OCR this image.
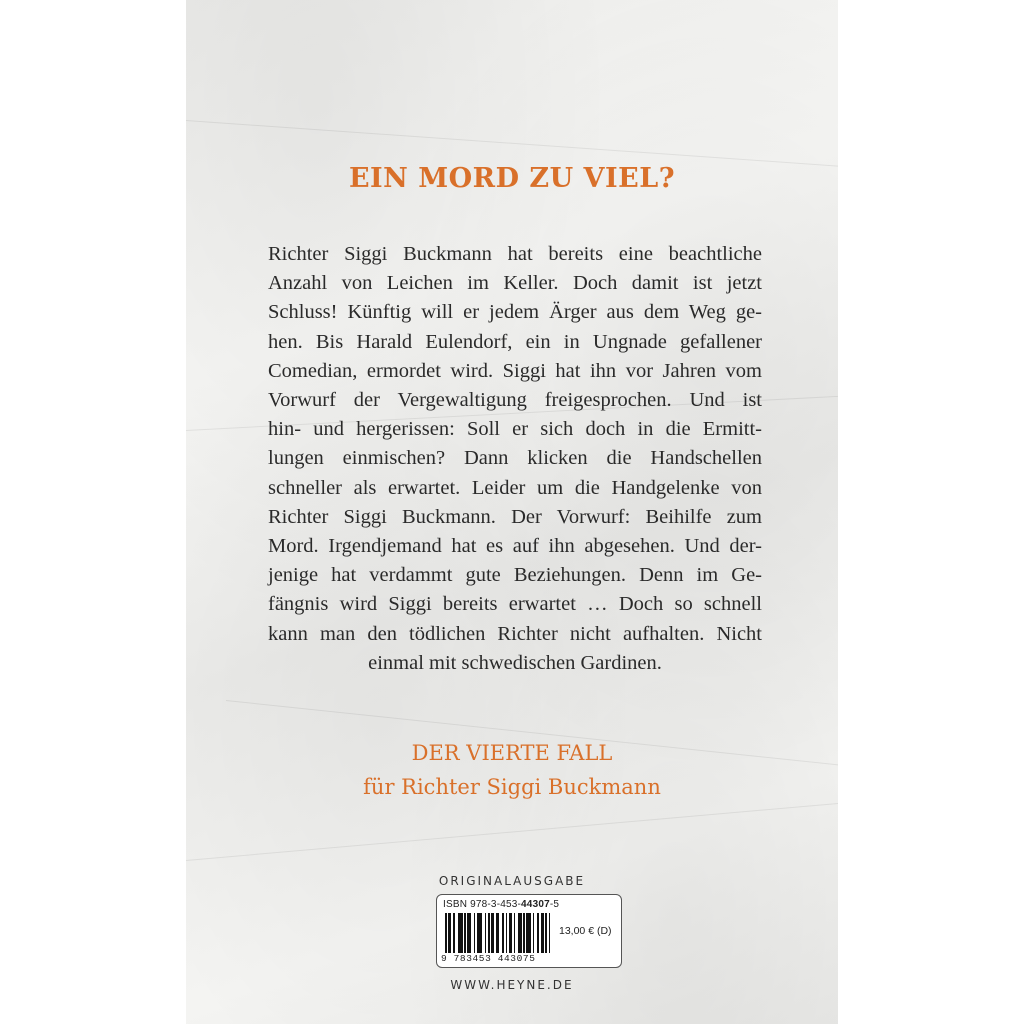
EIN MORD ZU VIEL?
Richter Siggi Buckmann hat bereits eine beachtliche
Anzahl von Leichen im Keller. Doch damit ist jetzt
Schluss! Künftig will er jedem Ärger aus dem Weg ge-
hen. Bis Harald Eulendorf, ein in Ungnade gefallener
Comedian, ermordet wird. Siggi hat ihn vor Jahren vom
Vorwurf der Vergewaltigung freigesprochen. Und ist
hin- und hergerissen: Soll er sich doch in die Ermitt-
lungen einmischen? Dann klicken die Handschellen
schneller als erwartet. Leider um die Handgelenke von
Richter Siggi Buckmann. Der Vorwurf: Beihilfe zum
Mord. Irgendjemand hat es auf ihn abgesehen. Und der-
jenige hat verdammt gute Beziehungen. Denn im Ge-
fängnis wird Siggi bereits erwartet … Doch so schnell
kann man den tödlichen Richter nicht aufhalten. Nicht
einmal mit schwedischen Gardinen.
DER VIERTE FALL
für Richter Siggi Buckmann
ORIGINALAUSGABE
ISBN 978-3-453-44307-5
9 783453 443075
13,00 € (D)
WWW.HEYNE.DE
